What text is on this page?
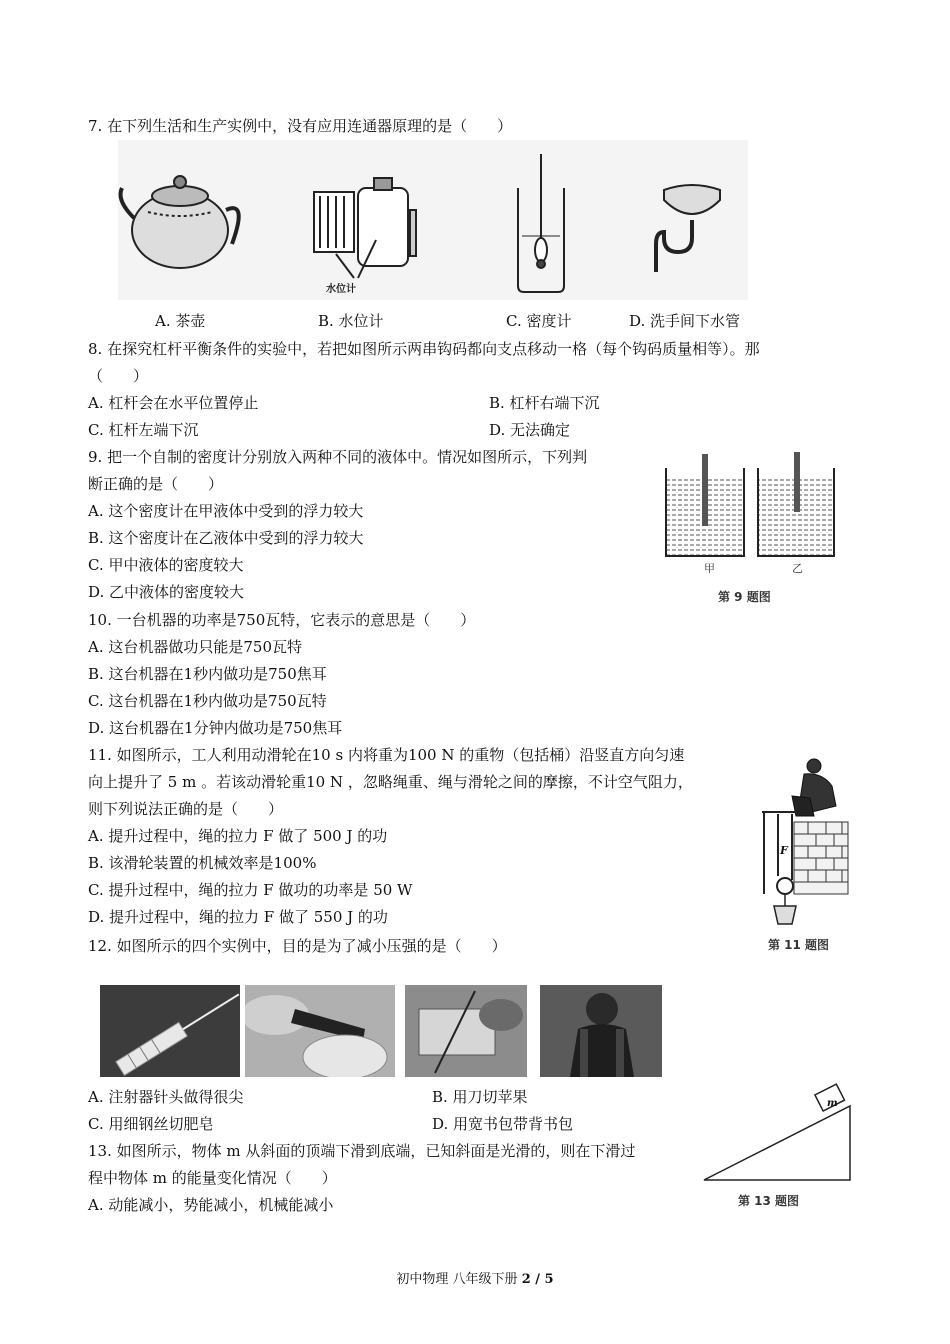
7. 在下列生活和生产实例中，没有应用连通器原理的是（　　）
水位计
A. 茶壶	B. 水位计	C. 密度计	D. 洗手间下水管
8. 在探究杠杆平衡条件的实验中，若把如图所示两串钩码都向支点移动一格（每个钩码质量相等）。那
（　　）
A. 杠杆会在水平位置停止	B. 杠杆右端下沉
C. 杠杆左端下沉	D. 无法确定
9. 把一个自制的密度计分别放入两种不同的液体中。情况如图所示，下列判
断正确的是（　　）
A. 这个密度计在甲液体中受到的浮力较大
B. 这个密度计在乙液体中受到的浮力较大
C. 甲中液体的密度较大
D. 乙中液体的密度较大
甲	乙
第 9 题图
10. 一台机器的功率是750瓦特，它表示的意思是（　　）
A. 这台机器做功只能是750瓦特
B. 这台机器在1秒内做功是750焦耳
C. 这台机器在1秒内做功是750瓦特
D. 这台机器在1分钟内做功是750焦耳
11. 如图所示，工人利用动滑轮在10 s 内将重为100 N 的重物（包括桶）沿竖直方向匀速
向上提升了 5 m 。若该动滑轮重10 N ，忽略绳重、绳与滑轮之间的摩擦，不计空气阻力，
则下列说法正确的是（　　）
A. 提升过程中，绳的拉力 F 做了 500 J 的功
B. 该滑轮装置的机械效率是100%
C. 提升过程中，绳的拉力 F 做功的功率是 50 W
D. 提升过程中，绳的拉力 F 做了 550 J 的功
F
第 11 题图
12. 如图所示的四个实例中，目的是为了减小压强的是（　　）
A. 注射器针头做得很尖	B. 用刀切苹果
C. 用细钢丝切肥皂	D. 用宽书包带背书包
13. 如图所示，物体 m 从斜面的顶端下滑到底端，已知斜面是光滑的，则在下滑过
程中物体 m 的能量变化情况（　　）
A. 动能减小，势能减小，机械能减小
m
第 13 题图
初中物理 八年级下册 2 / 5
